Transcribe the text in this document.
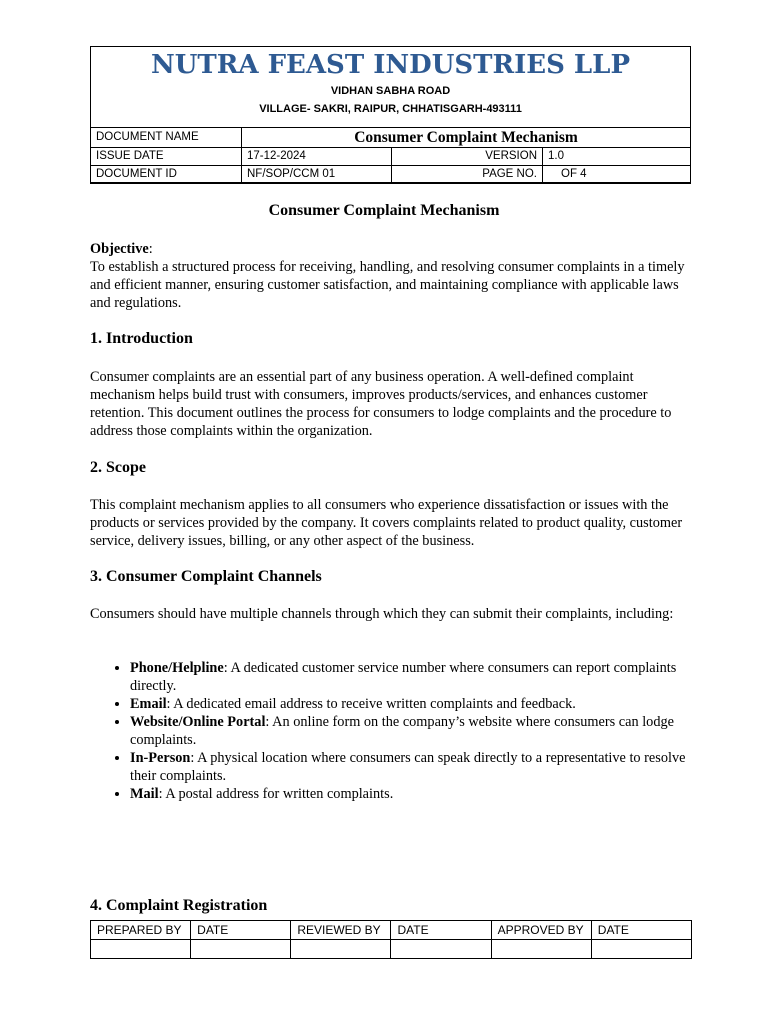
NUTRA FEAST INDUSTRIES LLP
VIDHAN SABHA ROAD
VILLAGE- SAKRI, RAIPUR, CHHATISGARH-493111
DOCUMENT NAME	Consumer Complaint Mechanism		
ISSUE DATE	17-12-2024	VERSION	1.0
DOCUMENT ID	NF/SOP/CCM 01	PAGE NO.	OF 4
Consumer Complaint Mechanism

Objective:

To establish a structured process for receiving, handling, and resolving consumer complaints in a timely and efficient manner, ensuring customer satisfaction, and maintaining compliance with applicable laws and regulations.

1. Introduction

Consumer complaints are an essential part of any business operation. A well-defined complaint mechanism helps build trust with consumers, improves products/services, and enhances customer retention. This document outlines the process for consumers to lodge complaints and the procedure to address those complaints within the organization.

2. Scope

This complaint mechanism applies to all consumers who experience dissatisfaction or issues with the products or services provided by the company. It covers complaints related to product quality, customer service, delivery issues, billing, or any other aspect of the business.

3. Consumer Complaint Channels

Consumers should have multiple channels through which they can submit their complaints, including:

• Phone/Helpline: A dedicated customer service number where consumers can report complaints directly.
• Email: A dedicated email address to receive written complaints and feedback.
• Website/Online Portal: An online form on the company’s website where consumers can lodge complaints.
• In-Person: A physical location where consumers can speak directly to a representative to resolve their complaints.
• Mail: A postal address for written complaints.
4. Complaint Registration
PREPARED BY	DATE	REVIEWED BY	DATE	APPROVED BY	DATE
